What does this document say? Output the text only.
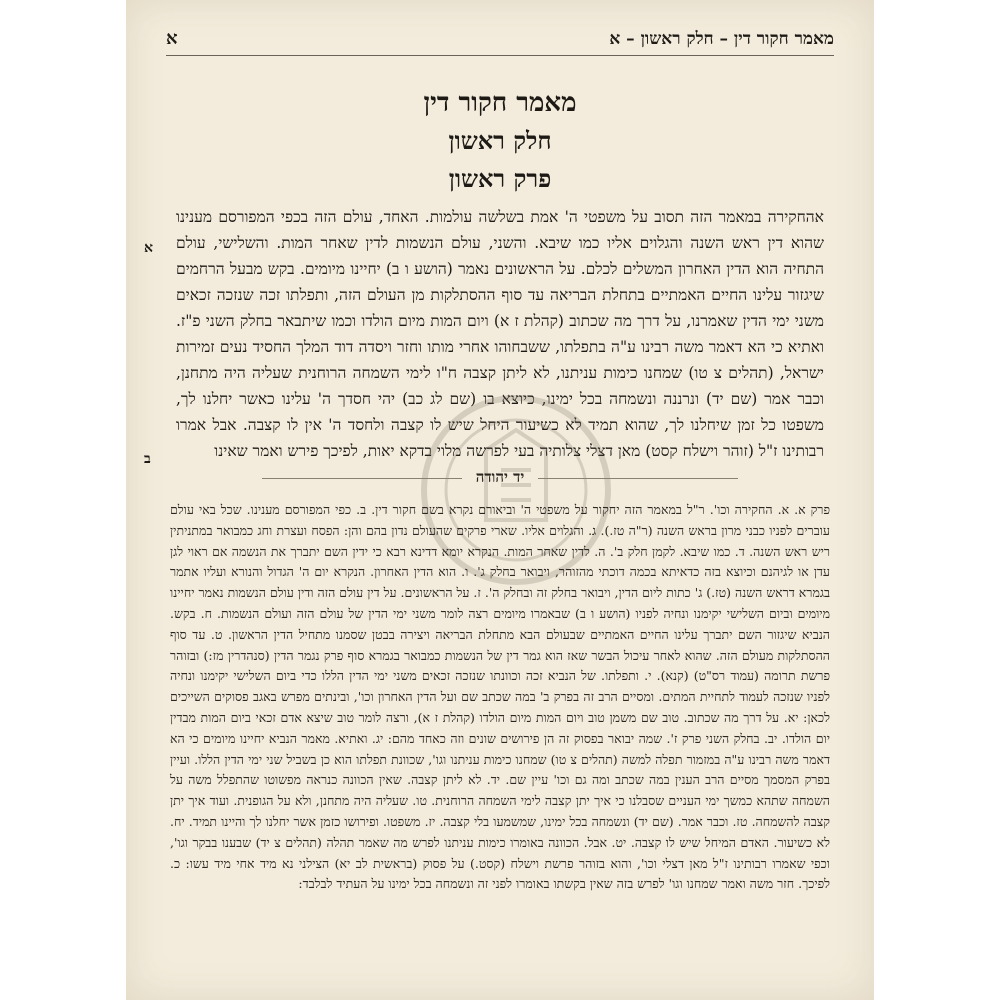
א	מאמר חקור דין – חלק ראשון – א
א
ב
מאמר חקור דין
חלק ראשון
פרק ראשון

אהחקירה במאמר הזה תסוב על משפטי ה' אמת בשלשה עולמות. האחד, עולם הזה בכפי המפורסם מענינו שהוא דין ראש השנה והגלוים אליו כמו שיבא. והשני, עולם הנשמות לדין שאחר המות. והשלישי, עולם התחיה הוא הדין האחרון המשלים לכלם. על הראשונים נאמר (הושע ו ב) יחיינו מיומים. בקש מבעל הרחמים שיגזור עלינו החיים האמתיים בתחלת הבריאה עד סוף ההסתלקות מן העולם הזה, ותפלתו זכה שנזכה זכאים משני ימי הדין שאמרנו, על דרך מה שכתוב (קהלת ז א) ויום המות מיום הולדו וכמו שיתבאר בחלק השני פ"ז. ואתיא כי הא דאמר משה רבינו ע"ה בתפלתו, ששבחוהו אחרי מותו וחזר ויסדה דוד המלך החסיד נעים זמירות ישראל, (תהלים צ טו) שמחנו כימות עניתנו, לא ליתן קצבה ח"ו לימי השמחה הרוחנית שעליה היה מתחנן, וכבר אמר (שם יד) ונרננה ונשמחה בכל ימינו, כיוצא בו (שם לג כב) יהי חסדך ה' עלינו כאשר יחלנו לך, משפטו כל זמן שיחלנו לך, שהוא תמיד לא כשיעור היחל שיש לו קצבה ולחסד ה' אין לו קצבה. אבל אמרו רבותינו ז"ל (זוהר וישלח קסט) מאן דצלי צלותיה בעי לפרשה מלוי בדקא יאות, לפיכך פירש ואמר שאינו

יד יהודה

פרק א. א. החקירה וכו'. ר"ל במאמר הזה יחקור על משפטי ה' וביאורם נקרא בשם חקור דין. ב. כפי המפורסם מענינו. שכל באי עולם עוברים לפניו כבני מרון בראש השנה (ר"ה טז.). ג. והגלוים אליו. שארי פרקים שהעולם נדון בהם והן: הפסח ועצרת וחג כמבואר במתניתין ריש ראש השנה. ד. כמו שיבא. לקמן חלק ב'. ה. לדין שאחר המות. הנקרא יומא דדינא רבא כי ידין השם יתברך את הנשמה אם ראוי לגן עדן או לגיהנם וכיוצא בזה כדאיתא בכמה דוכתי מהזוהר, ויבואר בחלק ג'. ו. הוא הדין האחרון. הנקרא יום ה' הגדול והנורא ועליו אתמר בגמרא דראש השנה (טז.) ג' כתות ליום הדין, ויבואר בחלק זה ובחלק ה'. ז. על הראשונים. על דין עולם הזה ודין עולם הנשמות נאמר יחיינו מיומים וביום השלישי יקימנו ונחיה לפניו (הושע ו ב) שבאמרו מיומים רצה לומר משני ימי הדין של עולם הזה ועולם הנשמות. ח. בקש. הנביא שיגזור השם יתברך עלינו החיים האמתיים שבעולם הבא מתחלת הבריאה ויצירה בבטן שסמנו מתחיל הדין הראשון. ט. עד סוף ההסתלקות מעולם הזה. שהוא לאחר עיכול הבשר שאז הוא גמר דין של הנשמות כמבואר בגמרא סוף פרק נגמר הדין (סנהדרין מז:) ובזוהר פרשת תרומה (עמוד רס"ט) (קנא). י. ותפלתו. של הנביא זכה וכוונתו שנזכה זכאים משני ימי הדין הללו כדי ביום השלישי יקימנו ונחיה לפניו שנזכה לעמוד לתחיית המתים. ומסיים הרב זה בפרק ב' במה שכתב שם ועל הדין האחרון וכו', ובינתים מפרש באגב פסוקים השייכים לכאן: יא. על דרך מה שכתוב. טוב שם משמן טוב ויום המות מיום הולדו (קהלת ז א), ורצה לומר טוב שיצא אדם זכאי ביום המות מבדין יום הולדו. יב. בחלק השני פרק ז'. שמה יבואר בפסוק זה הן פירושים שונים וזה כאחד מהם: יג. ואתיא. מאמר הנביא יחיינו מיומים כי הא דאמר משה רבינו ע"ה במזמור תפלה למשה (תהלים צ טו) שמחנו כימות עניתנו וגו', שכוונת תפלתו הוא כן בשביל שני ימי הדין הללו. ועיין בפרק המסמך מסיים הרב הענין במה שכתב ומה גם וכו' עיין שם. יד. לא ליתן קצבה. שאין הכוונה כנראה מפשוטו שהתפלל משה על השמחה שתהא כמשך ימי העניים שסבלנו כי איך יתן קצבה לימי השמחה הרוחנית. טו. שעליה היה מתחנן, ולא על הגופנית. ועוד איך יתן קצבה להשמחה. טז. וכבר אמר. (שם יד) ונשמחה בכל ימינו, שמשמעו בלי קצבה. יז. משפטו. ופירושו כזמן אשר יחלנו לך והיינו תמיד. יח. לא כשיעור. האדם המיחל שיש לו קצבה. יט. אבל. הכוונה באומרו כימות עניתנו לפרש מה שאמר תהלה (תהלים צ יד) שבענו בבקר וגו', וכפי שאמרו רבותינו ז"ל מאן דצלי וכו', והוא בזוהר פרשת וישלח (קסט.) על פסוק (בראשית לב יא) הצילני נא מיד אחי מיד עשו: כ. לפיכך. חזר משה ואמר שמחנו וגו' לפרש בזה שאין בקשתו באומרו לפני זה ונשמחה בכל ימינו על העתיד לבלבד:
